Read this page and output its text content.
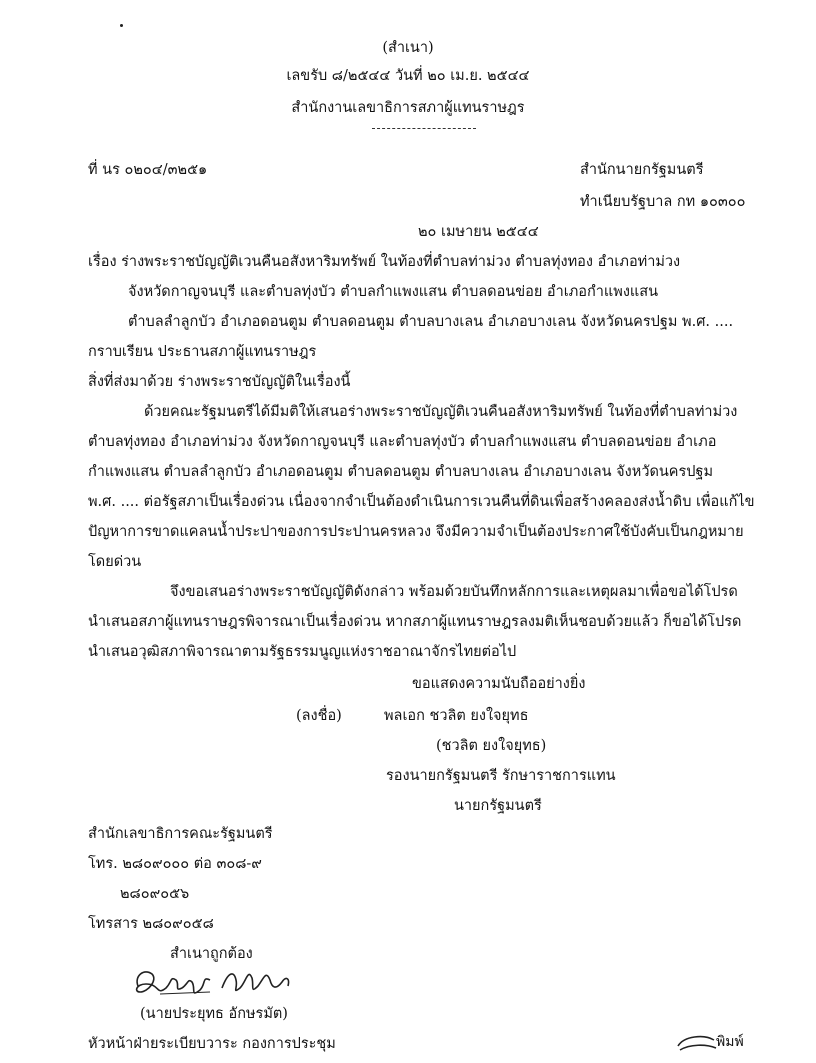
(สำเนา)
เลขรับ ๘/๒๕๔๔ วันที่ ๒๐ เม.ย. ๒๕๔๔
สำนักงานเลขาธิการสภาผู้แทนราษฎร
ที่ นร ๐๒๐๔/๓๒๕๑	สำนักนายกรัฐมนตรี
ทำเนียบรัฐบาล กท ๑๐๓๐๐
๒๐ เมษายน ๒๕๔๔
เรื่อง ร่างพระราชบัญญัติเวนคืนอสังหาริมทรัพย์ ในท้องที่ตำบลท่าม่วง ตำบลทุ่งทอง อำเภอท่าม่วง
จังหวัดกาญจนบุรี และตำบลทุ่งบัว ตำบลกำแพงแสน ตำบลดอนข่อย อำเภอกำแพงแสน
ตำบลลำลูกบัว อำเภอดอนตูม ตำบลดอนตูม ตำบลบางเลน อำเภอบางเลน จังหวัดนครปฐม พ.ศ. ....
กราบเรียน ประธานสภาผู้แทนราษฎร
สิ่งที่ส่งมาด้วย ร่างพระราชบัญญัติในเรื่องนี้
ด้วยคณะรัฐมนตรีได้มีมติให้เสนอร่างพระราชบัญญัติเวนคืนอสังหาริมทรัพย์ ในท้องที่ตำบลท่าม่วง
ตำบลทุ่งทอง อำเภอท่าม่วง จังหวัดกาญจนบุรี และตำบลทุ่งบัว ตำบลกำแพงแสน ตำบลดอนข่อย อำเภอ
กำแพงแสน ตำบลลำลูกบัว อำเภอดอนตูม ตำบลดอนตูม ตำบลบางเลน อำเภอบางเลน จังหวัดนครปฐม
พ.ศ. .... ต่อรัฐสภาเป็นเรื่องด่วน เนื่องจากจำเป็นต้องดำเนินการเวนคืนที่ดินเพื่อสร้างคลองส่งน้ำดิบ เพื่อแก้ไข
ปัญหาการขาดแคลนน้ำประปาของการประปานครหลวง จึงมีความจำเป็นต้องประกาศใช้บังคับเป็นกฎหมาย
โดยด่วน
จึงขอเสนอร่างพระราชบัญญัติดังกล่าว พร้อมด้วยบันทึกหลักการและเหตุผลมาเพื่อขอได้โปรด
นำเสนอสภาผู้แทนราษฎรพิจารณาเป็นเรื่องด่วน หากสภาผู้แทนราษฎรลงมติเห็นชอบด้วยแล้ว ก็ขอได้โปรด
นำเสนอวุฒิสภาพิจารณาตามรัฐธรรมนูญแห่งราชอาณาจักรไทยต่อไป
ขอแสดงความนับถืออย่างยิ่ง
(ลงชื่อ)	พลเอก ชวลิต ยงใจยุทธ
(ชวลิต ยงใจยุทธ)
รองนายกรัฐมนตรี รักษาราชการแทน
นายกรัฐมนตรี
สำนักเลขาธิการคณะรัฐมนตรี
โทร. ๒๘๐๙๐๐๐ ต่อ ๓๐๘-๙
๒๘๐๙๐๕๖
โทรสาร ๒๘๐๙๐๕๘
สำเนาถูกต้อง
(นายประยุทธ อักษรมัต)
หัวหน้าฝ่ายระเบียบวาระ กองการประชุม	พิมพ์
